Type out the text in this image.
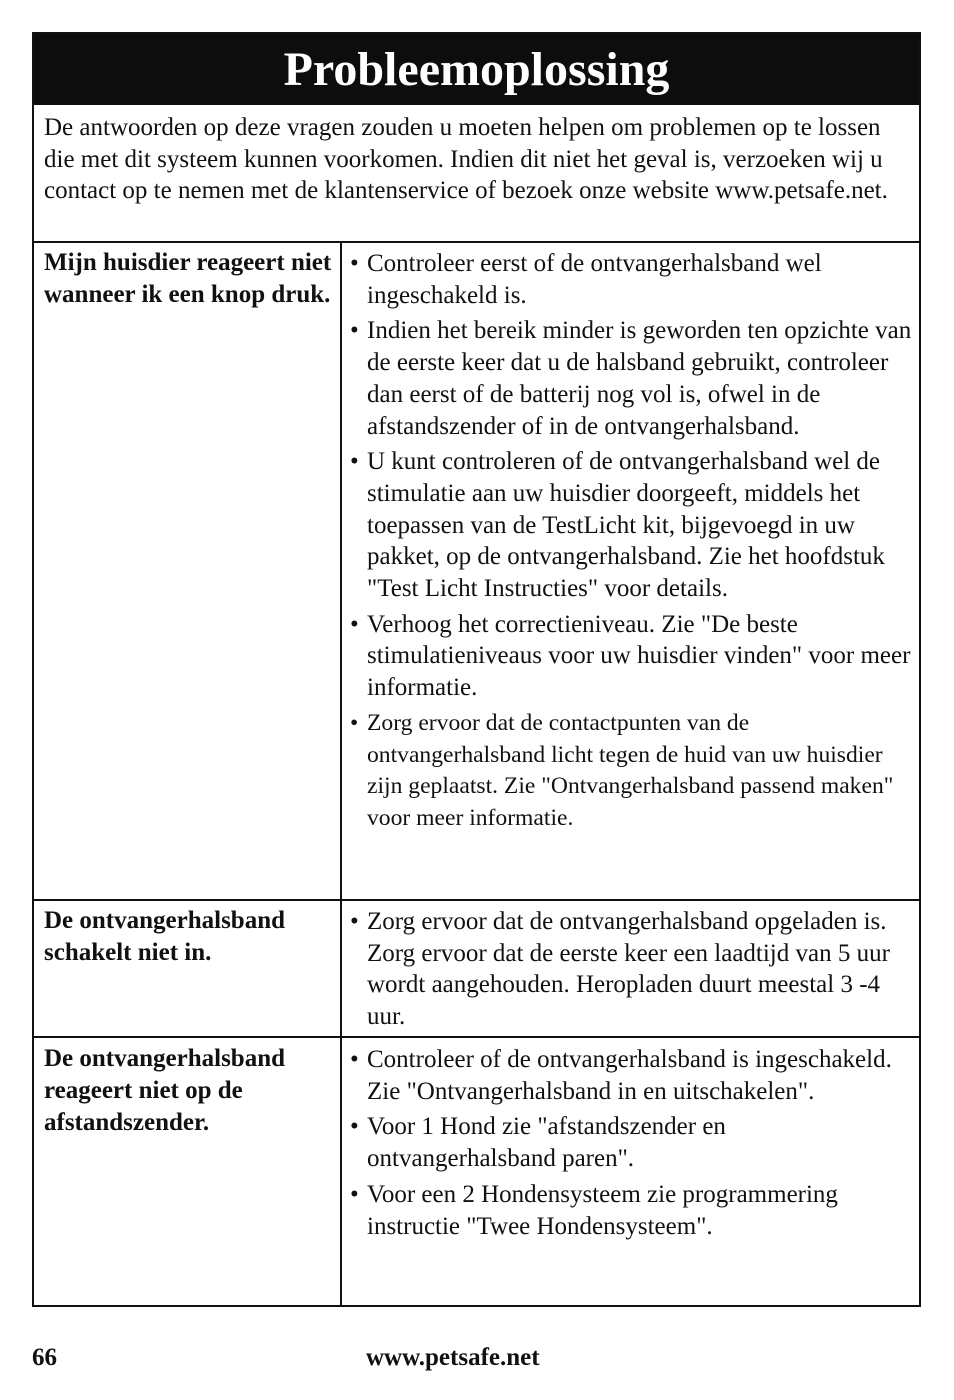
Probleemoplossing
De antwoorden op deze vragen zouden u moeten helpen om problemen op te lossen die met dit systeem kunnen voorkomen. Indien dit niet het geval is, verzoeken wij u contact op te nemen met de klantenservice of bezoek onze website www.petsafe.net.
Mijn huisdier reageert niet wanneer ik een knop druk.
• Controleer eerst of de ontvangerhalsband wel ingeschakeld is.
• Indien het bereik minder is geworden ten opzichte van de eerste keer dat u de halsband gebruikt, controleer dan eerst of de batterij nog vol is, ofwel in de afstandszender of in de ontvangerhalsband.
• U kunt controleren of de ontvangerhalsband wel de stimulatie aan uw huisdier doorgeeft, middels het toepassen van de TestLicht kit, bijgevoegd in uw pakket, op de ontvangerhalsband. Zie het hoofdstuk "Test Licht Instructies" voor details.
• Verhoog het correctieniveau. Zie "De beste stimulatieniveaus voor uw huisdier vinden" voor meer informatie.
• Zorg ervoor dat de contactpunten van de ontvangerhalsband licht tegen de huid van uw huisdier zijn geplaatst. Zie "Ontvangerhalsband passend maken" voor meer informatie.
De ontvangerhalsband schakelt niet in.
• Zorg ervoor dat de ontvangerhalsband opgeladen is. Zorg ervoor dat de eerste keer een laadtijd van 5 uur wordt aangehouden. Heropladen duurt meestal 3 -4 uur.
De ontvangerhalsband reageert niet op de afstandszender.
• Controleer of de ontvangerhalsband is ingeschakeld. Zie "Ontvangerhalsband in en uitschakelen".
• Voor 1 Hond zie "afstandszender en ontvangerhalsband paren".
• Voor een 2 Hondensysteem zie programmering instructie "Twee Hondensysteem".
66	www.petsafe.net
